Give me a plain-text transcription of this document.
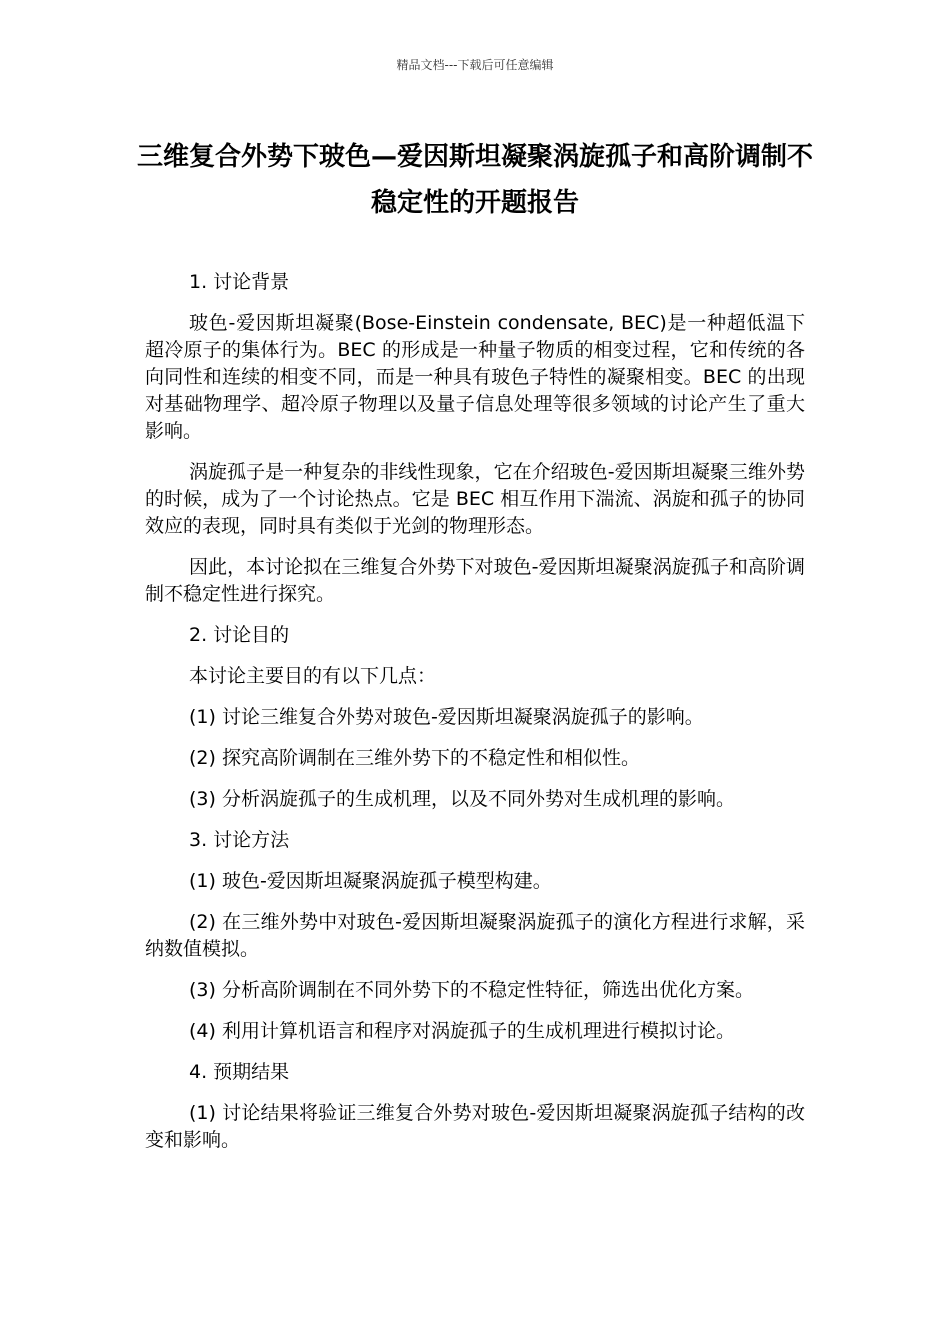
精品文档---下载后可任意编辑
三维复合外势下玻色—爱因斯坦凝聚涡旋孤子和高阶调制不稳定性的开题报告

1. 讨论背景

玻色-爱因斯坦凝聚(Bose-Einstein condensate, BEC)是一种超低温下超冷原子的集体行为。BEC 的形成是一种量子物质的相变过程，它和传统的各向同性和连续的相变不同，而是一种具有玻色子特性的凝聚相变。BEC 的出现对基础物理学、超冷原子物理以及量子信息处理等很多领域的讨论产生了重大影响。

涡旋孤子是一种复杂的非线性现象，它在介绍玻色-爱因斯坦凝聚三维外势的时候，成为了一个讨论热点。它是 BEC 相互作用下湍流、涡旋和孤子的协同效应的表现，同时具有类似于光剑的物理形态。

因此，本讨论拟在三维复合外势下对玻色-爱因斯坦凝聚涡旋孤子和高阶调制不稳定性进行探究。

2. 讨论目的

本讨论主要目的有以下几点：

(1) 讨论三维复合外势对玻色-爱因斯坦凝聚涡旋孤子的影响。

(2) 探究高阶调制在三维外势下的不稳定性和相似性。

(3) 分析涡旋孤子的生成机理，以及不同外势对生成机理的影响。

3. 讨论方法

(1) 玻色-爱因斯坦凝聚涡旋孤子模型构建。

(2) 在三维外势中对玻色-爱因斯坦凝聚涡旋孤子的演化方程进行求解，采纳数值模拟。

(3) 分析高阶调制在不同外势下的不稳定性特征，筛选出优化方案。

(4) 利用计算机语言和程序对涡旋孤子的生成机理进行模拟讨论。

4. 预期结果

(1) 讨论结果将验证三维复合外势对玻色-爱因斯坦凝聚涡旋孤子结构的改变和影响。
